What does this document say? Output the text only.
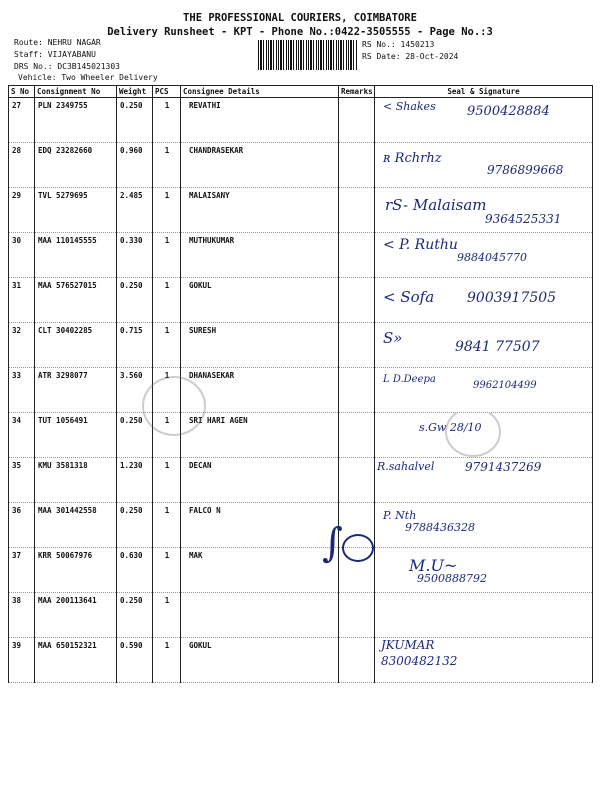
THE PROFESSIONAL COURIERS, COIMBATORE
Delivery Runsheet - KPT - Phone No.:0422-3505555 - Page No.:3
Route: NEHRU NAGAR
Staff: VIJAYABANU
DRS No.: DC3B145021303
Vehicle: Two Wheeler Delivery
RS No.: 1450213
RS Date: 28-Oct-2024
S No	Consignment No	Weight	PCS	Consignee Details	Remarks	Seal & Signature
27	PLN 2349755	0.250	1	REVATHI		< Shakes 9500428884

28	EDQ 23282660	0.960	1	CHANDRASEKAR		ʀ Rchrhz
9786899668

29	TVL 5279695	2.485	1	MALAISANY		rS- Malaisam
9364525331

30	MAA 110145555	0.330	1	MUTHUKUMAR		< P. Ruthu
9884045770

31	MAA 576527015	0.250	1	GOKUL		< Sofa 9003917505

32	CLT 30402285	0.715	1	SURESH		Ѕ» 9841 77507

33	ATR 3298077	3.560	1	DHANASEKAR		L D.Deepa
9962104499

34	TUT 1056491	0.250	1	SRI HARI AGEN		s.Gw 28/10

35	KMU 3581318	1.230	1	DECAN		R.sahalvel 9791437269

36	MAA 301442558	0.250	1	FALCO N		P. Nth
9788436328

37	KRR 50067976	0.630	1	MAK		M.U~
9500888792

38	MAA 200113641	0.250	1			
39	MAA 650152321	0.590	1	GOKUL		JKUMAR
8300482132
∫
